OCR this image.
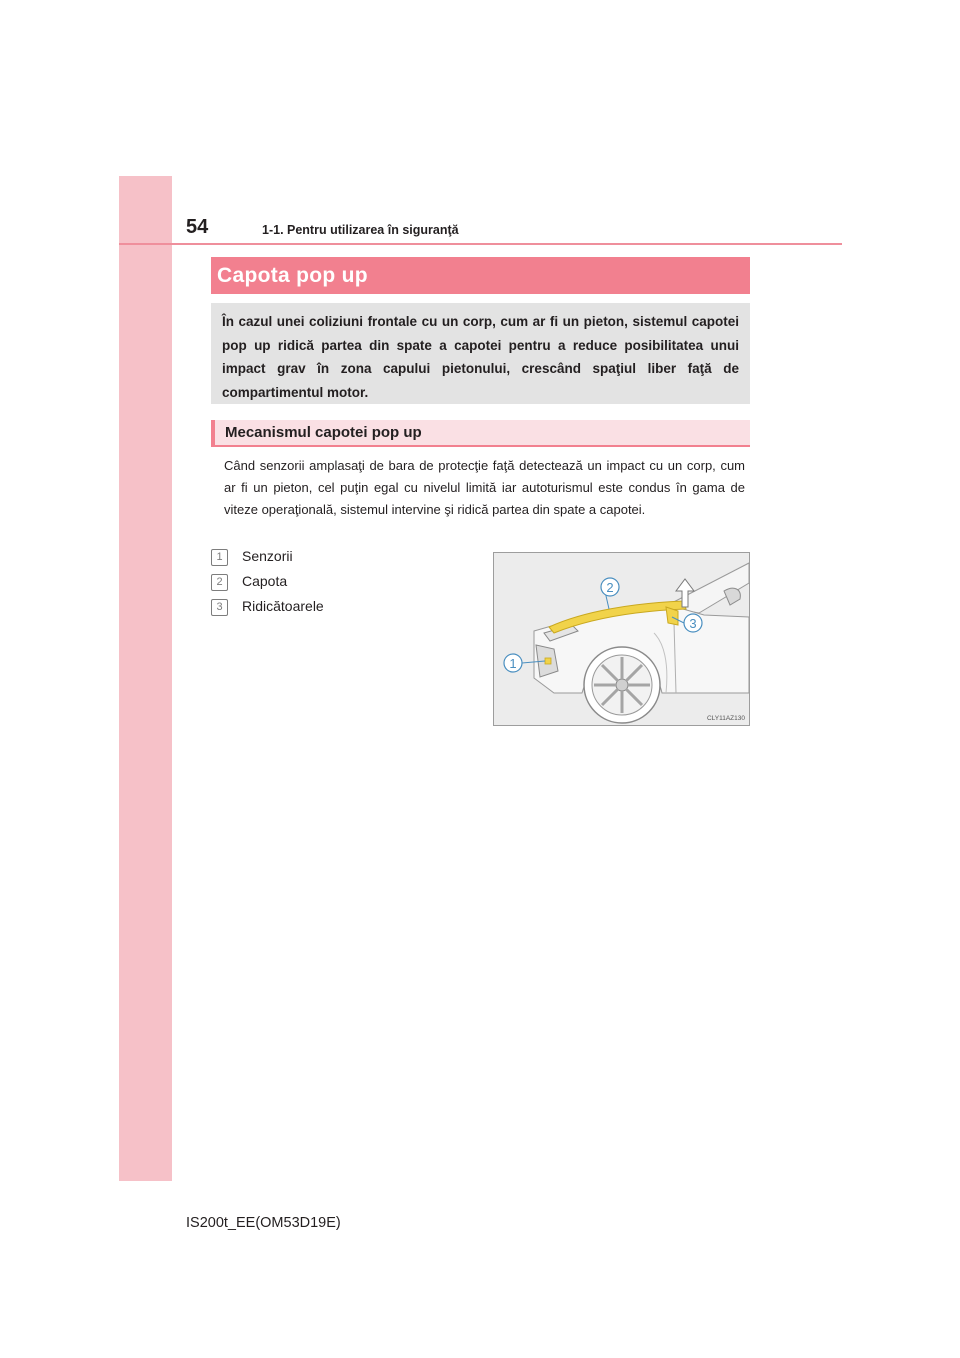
54	1-1. Pentru utilizarea în siguranţă
Capota pop up
În cazul unei coliziuni frontale cu un corp, cum ar fi un pieton, sistemul capotei pop up ridică partea din spate a capotei pentru a reduce posibilitatea unui impact grav în zona capului pietonului, crescând spaţiul liber faţă de compartimentul motor.
Mecanismul capotei pop up
Când senzorii amplasaţi de bara de protecţie faţă detectează un impact cu un corp, cum ar fi un pieton, cel puţin egal cu nivelul limită iar autoturismul este condus în gama de viteze operaţională, sistemul intervine şi ridică partea din spate a capotei.
1	Senzorii
2	Capota
3	Ridicătoarele
1
2
3
CLY11AZ130
IS200t_EE(OM53D19E)
carmanualsonline.info
